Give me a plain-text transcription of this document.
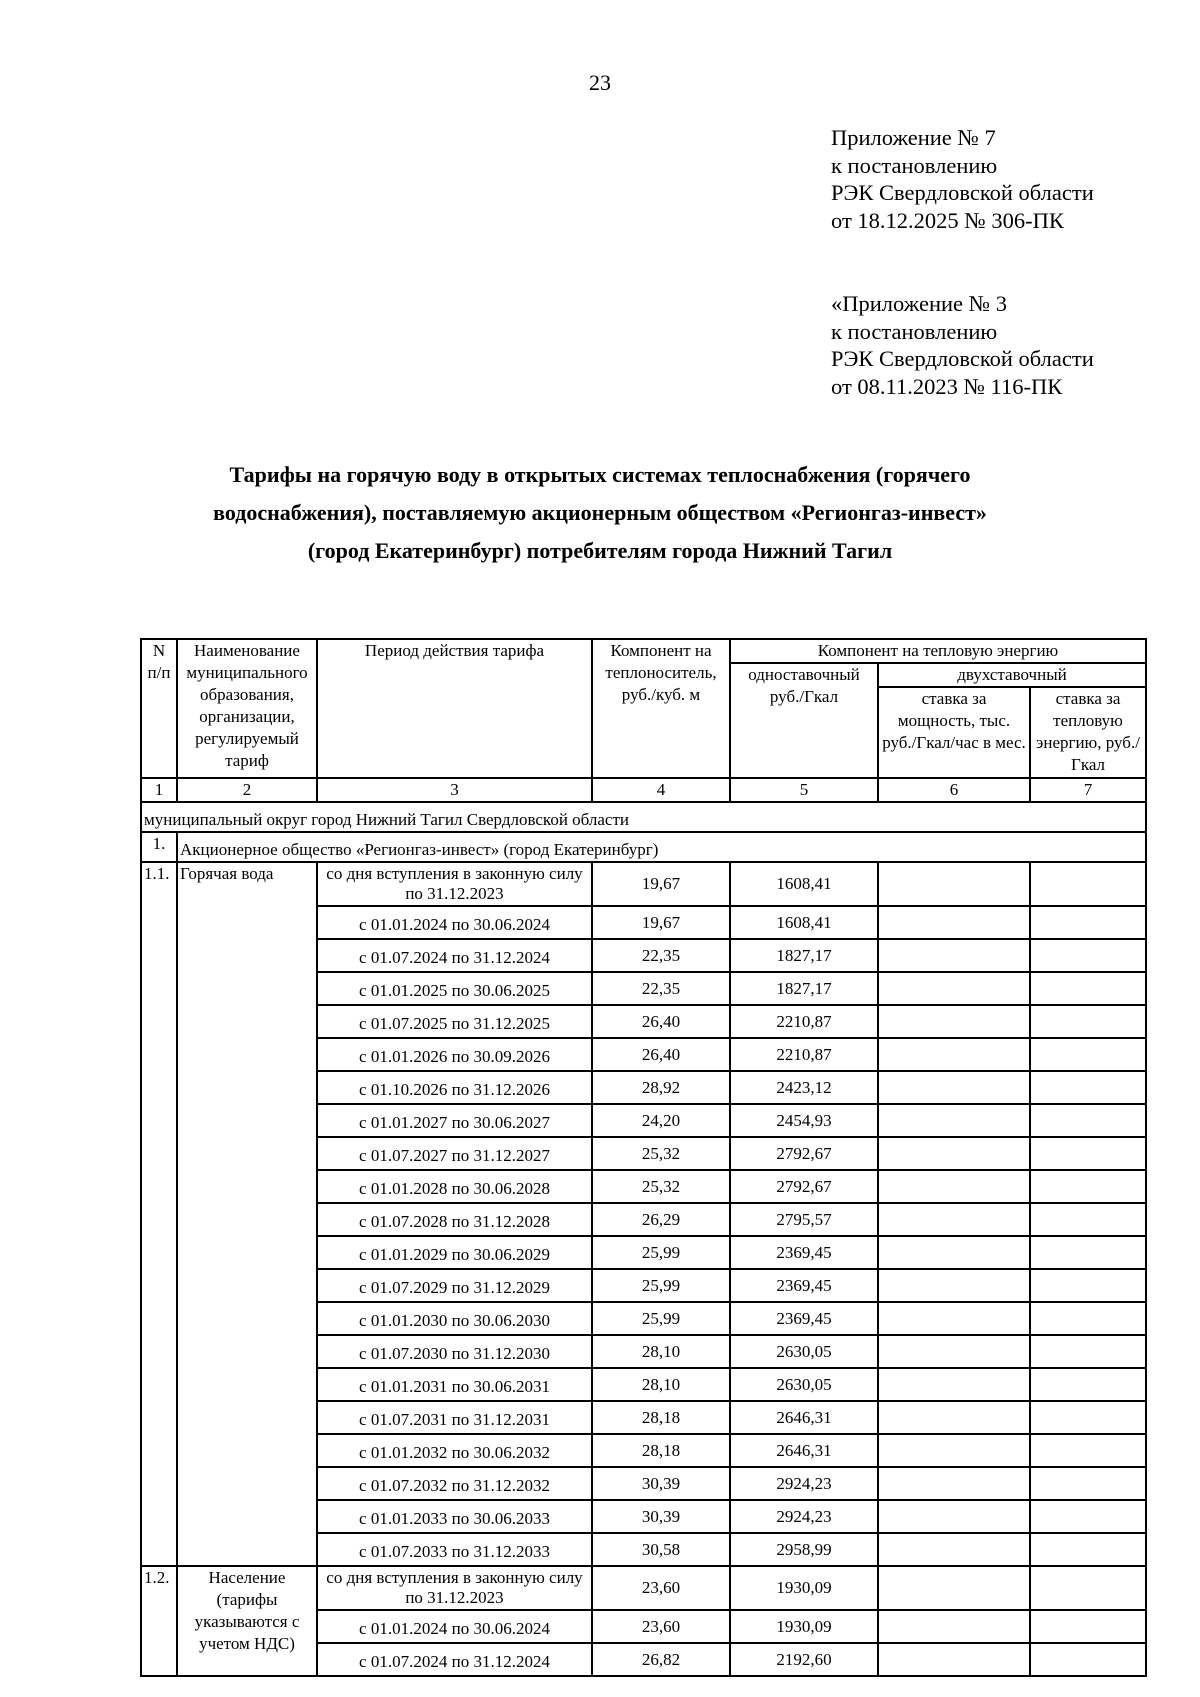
23
Приложение № 7
к постановлению
РЭК Свердловской области
от 18.12.2025 № 306-ПК
«Приложение № 3
к постановлению
РЭК Свердловской области
от 08.11.2023 № 116-ПК
Тарифы на горячую воду в открытых системах теплоснабжения (горячего
водоснабжения), поставляемую акционерным обществом «Регионгаз-инвест»
(город Екатеринбург) потребителям города Нижний Тагил
N п/п	Наименование муниципального образования, организации, регулируемый тариф	Период действия тарифа	Компонент на теплоноситель, руб./куб. м	Компонент на тепловую энергию		
				одноставочный руб./Гкал	двухставочный	
					ставка за мощность, тыс. руб./Гкал/час в мес.	ставка за тепловую энергию, руб./Гкал
1	2	3	4	5	6	7
муниципальный округ город Нижний Тагил Свердловской области						
1.	Акционерное общество «Регионгаз-инвест» (город Екатеринбург)					
1.1.	Горячая вода	со дня вступления в законную силу по 31.12.2023	19,67	1608,41		
		с 01.01.2024 по 30.06.2024	19,67	1608,41		
		с 01.07.2024 по 31.12.2024	22,35	1827,17		
		с 01.01.2025 по 30.06.2025	22,35	1827,17		
		с 01.07.2025 по 31.12.2025	26,40	2210,87		
		с 01.01.2026 по 30.09.2026	26,40	2210,87		
		с 01.10.2026 по 31.12.2026	28,92	2423,12		
		с 01.01.2027 по 30.06.2027	24,20	2454,93		
		с 01.07.2027 по 31.12.2027	25,32	2792,67		
		с 01.01.2028 по 30.06.2028	25,32	2792,67		
		с 01.07.2028 по 31.12.2028	26,29	2795,57		
		с 01.01.2029 по 30.06.2029	25,99	2369,45		
		с 01.07.2029 по 31.12.2029	25,99	2369,45		
		с 01.01.2030 по 30.06.2030	25,99	2369,45		
		с 01.07.2030 по 31.12.2030	28,10	2630,05		
		с 01.01.2031 по 30.06.2031	28,10	2630,05		
		с 01.07.2031 по 31.12.2031	28,18	2646,31		
		с 01.01.2032 по 30.06.2032	28,18	2646,31		
		с 01.07.2032 по 31.12.2032	30,39	2924,23		
		с 01.01.2033 по 30.06.2033	30,39	2924,23		
		с 01.07.2033 по 31.12.2033	30,58	2958,99		
1.2.	Население (тарифы указываются с учетом НДС)	со дня вступления в законную силу по 31.12.2023	23,60	1930,09		
		с 01.01.2024 по 30.06.2024	23,60	1930,09		
		с 01.07.2024 по 31.12.2024	26,82	2192,60		
